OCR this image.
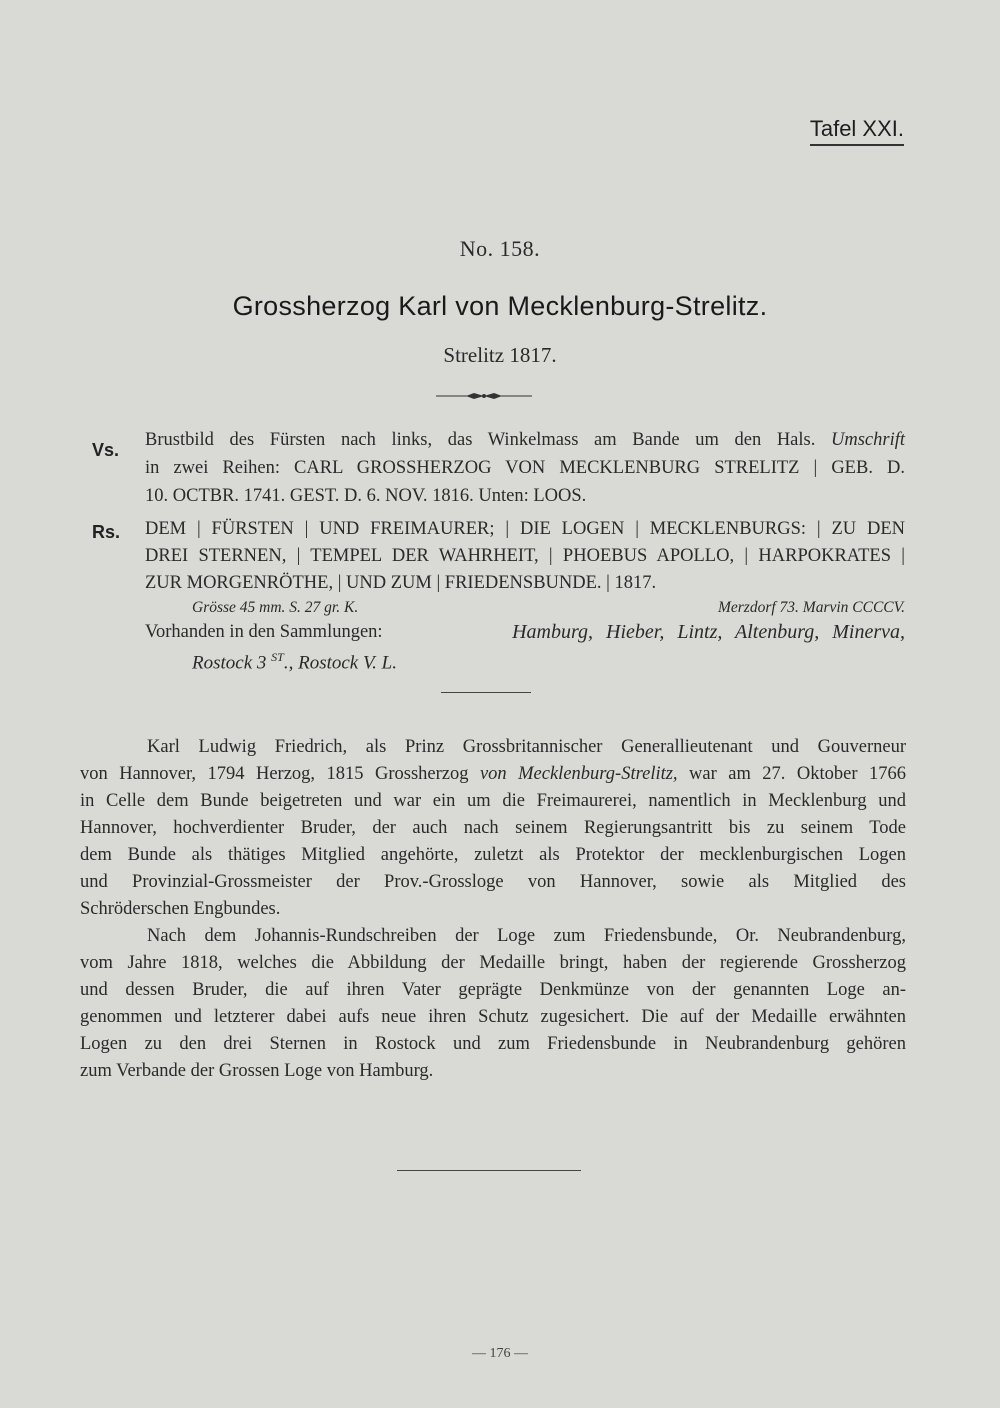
Tafel XXI.
No. 158.
Grossherzog Karl von Mecklenburg-Strelitz.
Strelitz 1817.
Vs. Brustbild des Fürsten nach links, das Winkelmass am Bande um den Hals. Umschrift
in zwei Reihen: CARL GROSSHERZOG VON MECKLENBURG STRELITZ | GEB. D.
10. OCTBR. 1741. GEST. D. 6. NOV. 1816. Unten: LOOS.
Rs. DEM | FÜRSTEN | UND FREIMAURER; | DIE LOGEN | MECKLENBURGS: | ZU DEN
DREI STERNEN, | TEMPEL DER WAHRHEIT, | PHOEBUS APOLLO, | HARPOKRATES |
ZUR MORGENRÖTHE, | UND ZUM | FRIEDENSBUNDE. | 1817.
Grösse 45 mm. S. 27 gr. K.	Merzdorf 73. Marvin CCCCV.
Vorhanden in den Sammlungen:	Hamburg, Hieber, Lintz, Altenburg, Minerva,
Rostock 3 $^{ST}$., Rostock V. L.
Karl Ludwig Friedrich, als Prinz Grossbritannischer Generallieutenant und Gouverneur
von Hannover, 1794 Herzog, 1815 Grossherzog von Mecklenburg-Strelitz, war am 27. Oktober 1766
in Celle dem Bunde beigetreten und war ein um die Freimaurerei, namentlich in Mecklenburg und
Hannover, hochverdienter Bruder, der auch nach seinem Regierungsantritt bis zu seinem Tode
dem Bunde als thätiges Mitglied angehörte, zuletzt als Protektor der mecklenburgischen Logen
und Provinzial-Grossmeister der Prov.-Grossloge von Hannover, sowie als Mitglied des
Schröderschen Engbundes.
Nach dem Johannis-Rundschreiben der Loge zum Friedensbunde, Or. Neubrandenburg,
vom Jahre 1818, welches die Abbildung der Medaille bringt, haben der regierende Grossherzog
und dessen Bruder, die auf ihren Vater geprägte Denkmünze von der genannten Loge an-
genommen und letzterer dabei aufs neue ihren Schutz zugesichert. Die auf der Medaille erwähnten
Logen zu den drei Sternen in Rostock und zum Friedensbunde in Neubrandenburg gehören
zum Verbande der Grossen Loge von Hamburg.
— 176 —
